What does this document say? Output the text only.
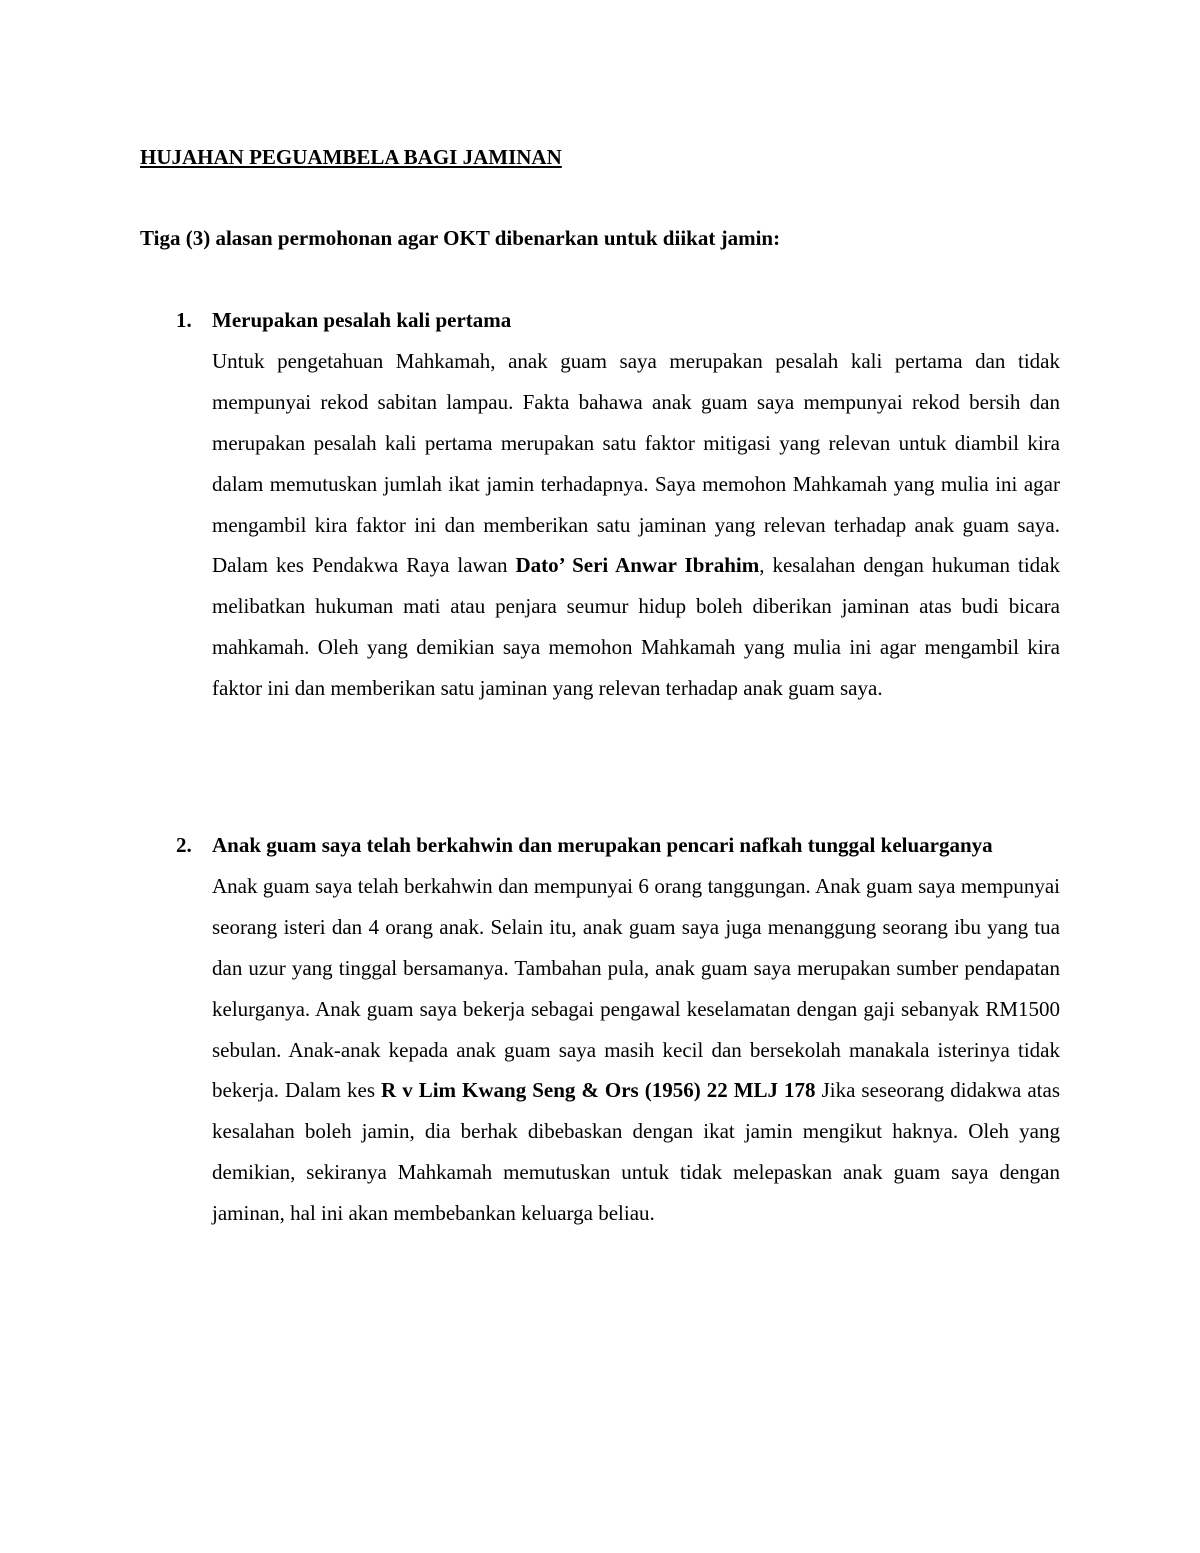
HUJAHAN PEGUAMBELA BAGI JAMINAN

Tiga (3) alasan permohonan agar OKT dibenarkan untuk diikat jamin:

1. Merupakan pesalah kali pertama

Untuk pengetahuan Mahkamah, anak guam saya merupakan pesalah kali pertama dan tidak mempunyai rekod sabitan lampau. Fakta bahawa anak guam saya mempunyai rekod bersih dan merupakan pesalah kali pertama merupakan satu faktor mitigasi yang relevan untuk diambil kira dalam memutuskan jumlah ikat jamin terhadapnya. Saya memohon Mahkamah yang mulia ini agar mengambil kira faktor ini dan memberikan satu jaminan yang relevan terhadap anak guam saya. Dalam kes Pendakwa Raya lawan Dato’ Seri Anwar Ibrahim, kesalahan dengan hukuman tidak melibatkan hukuman mati atau penjara seumur hidup boleh diberikan jaminan atas budi bicara mahkamah. Oleh yang demikian saya memohon Mahkamah yang mulia ini agar mengambil kira faktor ini dan memberikan satu jaminan yang relevan terhadap anak guam saya.

2. Anak guam saya telah berkahwin dan merupakan pencari nafkah tunggal keluarganya

Anak guam saya telah berkahwin dan mempunyai 6 orang tanggungan. Anak guam saya mempunyai seorang isteri dan 4 orang anak. Selain itu, anak guam saya juga menanggung seorang ibu yang tua dan uzur yang tinggal bersamanya. Tambahan pula, anak guam saya merupakan sumber pendapatan kelurganya. Anak guam saya bekerja sebagai pengawal keselamatan dengan gaji sebanyak RM1500 sebulan. Anak-anak kepada anak guam saya masih kecil dan bersekolah manakala isterinya tidak bekerja. Dalam kes R v Lim Kwang Seng & Ors (1956) 22 MLJ 178 Jika seseorang didakwa atas kesalahan boleh jamin, dia berhak dibebaskan dengan ikat jamin mengikut haknya. Oleh yang demikian, sekiranya Mahkamah memutuskan untuk tidak melepaskan anak guam saya dengan jaminan, hal ini akan membebankan keluarga beliau.
